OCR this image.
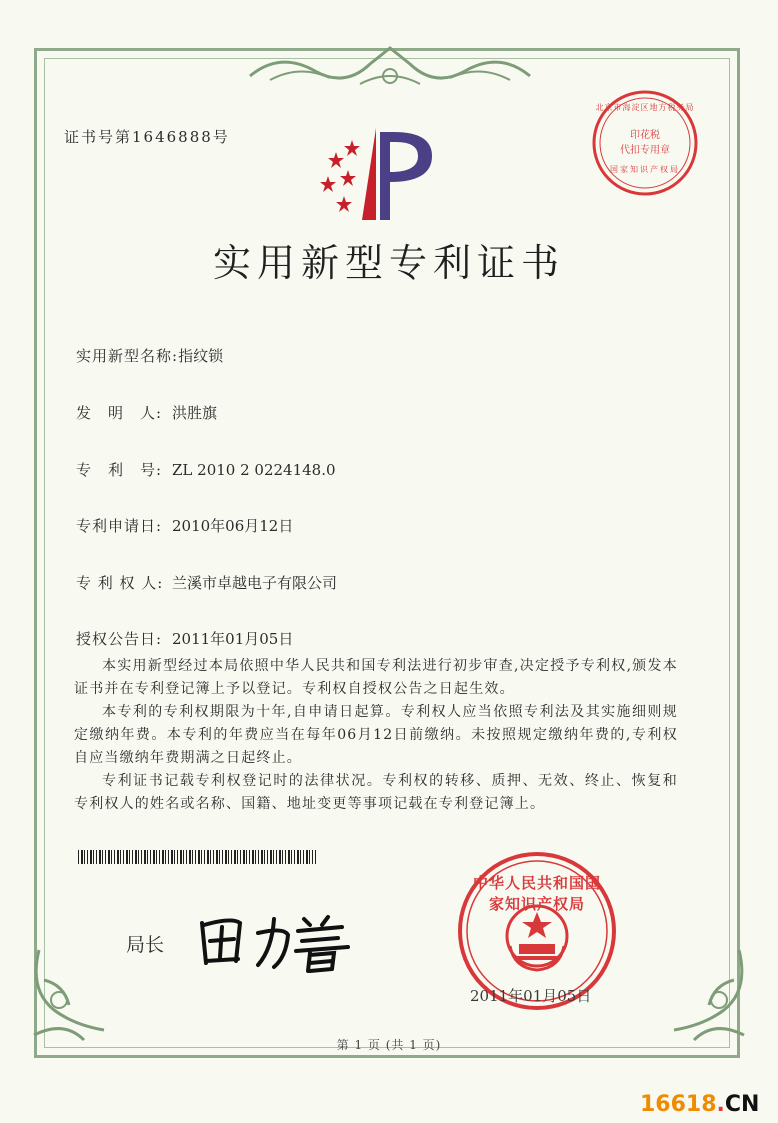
证书号第1646888号
实用新型专利证书
北京市海淀区地方税务局
印花税
代扣专用章
国家知识产权局
实用新型名称:指纹锁
发　明　人: 洪胜旗
专　利　号: ZL 2010 2 0224148.0
专利申请日: 2010年06月12日
专 利 权 人: 兰溪市卓越电子有限公司
授权公告日: 2011年01月05日

本实用新型经过本局依照中华人民共和国专利法进行初步审查,决定授予专利权,颁发本证书并在专利登记簿上予以登记。专利权自授权公告之日起生效。

本专利的专利权期限为十年,自申请日起算。专利权人应当依照专利法及其实施细则规定缴纳年费。本专利的年费应当在每年06月12日前缴纳。未按照规定缴纳年费的,专利权自应当缴纳年费期满之日起终止。

专利证书记载专利权登记时的法律状况。专利权的转移、质押、无效、终止、恢复和专利权人的姓名或名称、国籍、地址变更等事项记载在专利登记簿上。

局长
中华人民共和国国家知识产权局
2011年01月05日
第 1 页 (共 1 页)
16618.CN
